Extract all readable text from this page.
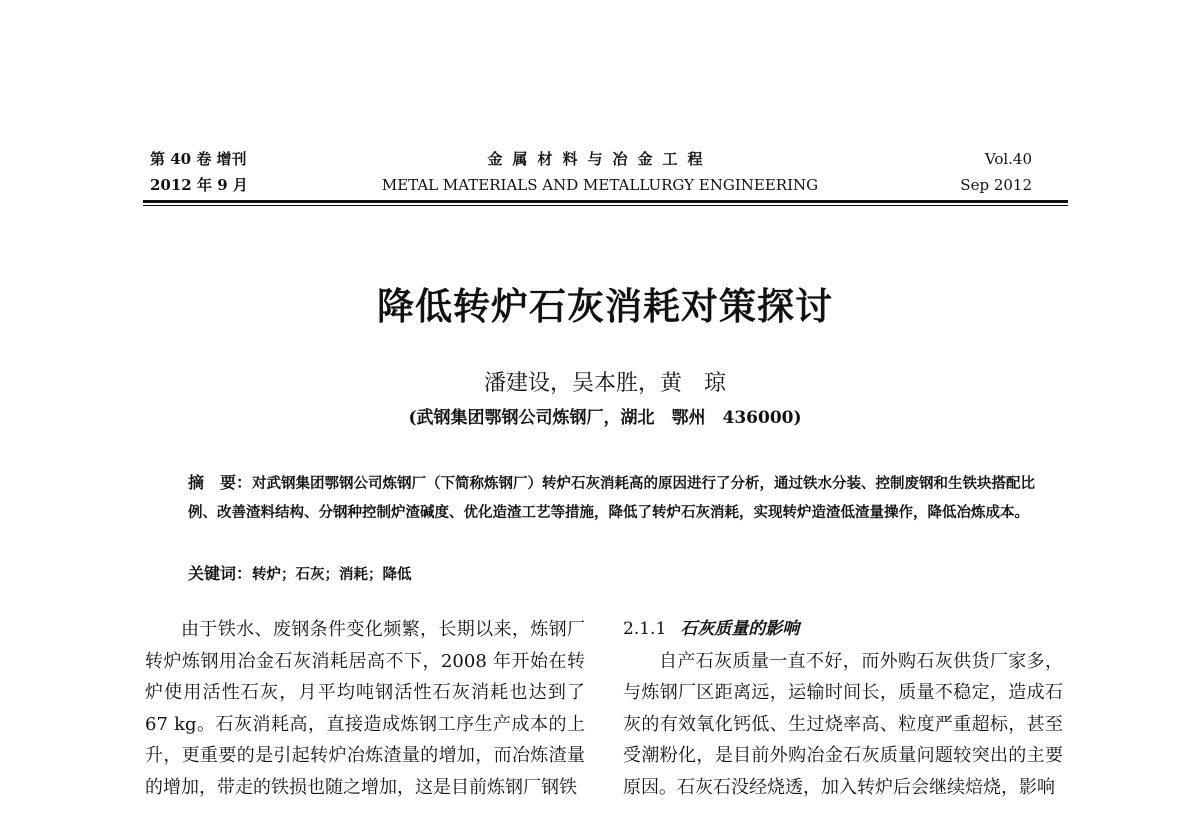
第 40 卷 增刊
2012 年 9 月
金属材料与冶金工程
METAL MATERIALS AND METALLURGY ENGINEERING
Vol.40
Sep 2012
降低转炉石灰消耗对策探讨
潘建设，吴本胜，黄　琼
(武钢集团鄂钢公司炼钢厂，湖北　鄂州　436000)
摘　要：对武钢集团鄂钢公司炼钢厂（下简称炼钢厂）转炉石灰消耗高的原因进行了分析，通过铁水分装、控制废钢和生铁块搭配比例、改善渣料结构、分钢种控制炉渣碱度、优化造渣工艺等措施，降低了转炉石灰消耗，实现转炉造渣低渣量操作，降低冶炼成本。
关键词：转炉；石灰；消耗；降低
由于铁水、废钢条件变化频繁，长期以来，炼钢厂转炉炼钢用冶金石灰消耗居高不下，2008 年开始在转炉使用活性石灰，月平均吨钢活性石灰消耗也达到了 67 kg。石灰消耗高，直接造成炼钢工序生产成本的上升，更重要的是引起转炉冶炼渣量的增加，而冶炼渣量的增加，带走的铁损也随之增加，这是目前炼钢厂钢铁
2.1.1 石灰质量的影响
自产石灰质量一直不好，而外购石灰供货厂家多，与炼钢厂区距离远，运输时间长，质量不稳定，造成石灰的有效氧化钙低、生过烧率高、粒度严重超标，甚至受潮粉化，是目前外购冶金石灰质量问题较突出的主要原因。石灰石没经烧透，加入转炉后会继续焙烧，影响
